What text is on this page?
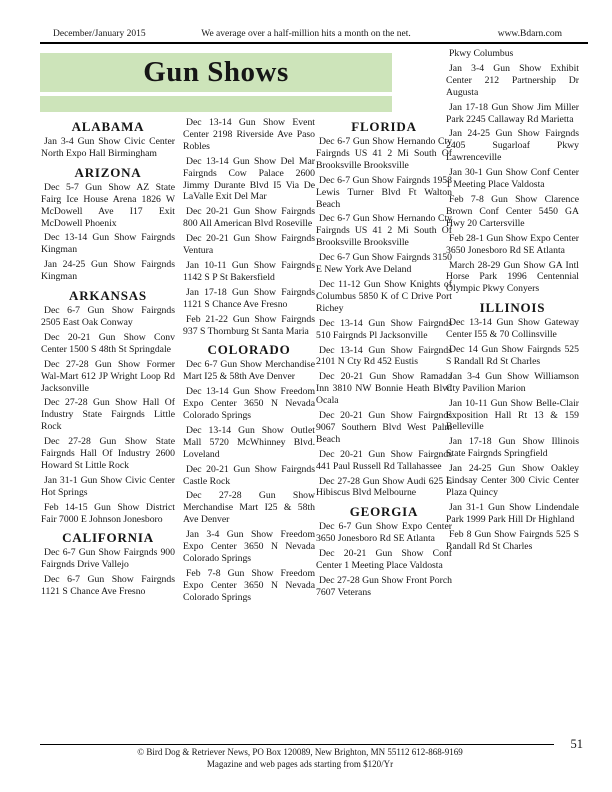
December/January 2015	We average over a half-million hits a month on the net.	www.Bdarn.com
Gun Shows
ALABAMA
Jan 3-4 Gun Show Civic Center North Expo Hall Birmingham
ARIZONA
Dec 5-7 Gun Show AZ State Fairg Ice House Arena 1826 W McDowell Ave I17 Exit McDowell Phoenix
Dec 13-14 Gun Show Fairgnds Kingman
Jan 24-25 Gun Show Fairgnds Kingman
ARKANSAS
Dec 6-7 Gun Show Fairgnds 2505 East Oak Conway
Dec 20-21 Gun Show Conv Center 1500 S 48th St Springdale
Dec 27-28 Gun Show Former Wal-Mart 612 JP Wright Loop Rd Jacksonville
Dec 27-28 Gun Show Hall Of Industry State Fairgnds Little Rock
Dec 27-28 Gun Show State Fairgnds Hall Of Industry 2600 Howard St Little Rock
Jan 31-1 Gun Show Civic Center Hot Springs
Feb 14-15 Gun Show District Fair 7000 E Johnson Jonesboro
CALIFORNIA
Dec 6-7 Gun Show Fairgnds 900 Fairgnds Drive Vallejo
Dec 6-7 Gun Show Fairgnds 1121 S Chance Ave Fresno
Dec 13-14 Gun Show Event Center 2198 Riverside Ave Paso Robles
Dec 13-14 Gun Show Del Mar Fairgnds Cow Palace 2600 Jimmy Durante Blvd I5 Via De LaValle Exit Del Mar
Dec 20-21 Gun Show Fairgnds 800 All American Blvd Roseville
Dec 20-21 Gun Show Fairgnds Ventura
Jan 10-11 Gun Show Fairgnds 1142 S P St Bakersfield
Jan 17-18 Gun Show Fairgnds 1121 S Chance Ave Fresno
Feb 21-22 Gun Show Fairgnds 937 S Thornburg St Santa Maria
COLORADO
Dec 6-7 Gun Show Merchandise Mart I25 & 58th Ave Denver
Dec 13-14 Gun Show Freedom Expo Center 3650 N Nevada Colorado Springs
Dec 13-14 Gun Show Outlet Mall 5720 McWhinney Blvd. Loveland
Dec 20-21 Gun Show Fairgnds Castle Rock
Dec 27-28 Gun Show Merchandise Mart I25 & 58th Ave Denver
Jan 3-4 Gun Show Freedom Expo Center 3650 N Nevada Colorado Springs
Feb 7-8 Gun Show Freedom Expo Center 3650 N Nevada Colorado Springs
FLORIDA
Dec 6-7 Gun Show Hernando Cty Fairgnds US 41 2 Mi South Of Brooksville Brooksville
Dec 6-7 Gun Show Fairgnds 1958 Lewis Turner Blvd Ft Walton Beach
Dec 6-7 Gun Show Hernando Cty Fairgnds US 41 2 Mi South Of Brooksville Brooksville
Dec 6-7 Gun Show Fairgnds 3150 E New York Ave Deland
Dec 11-12 Gun Show Knights of Columbus 5850 K of C Drive Port Richey
Dec 13-14 Gun Show Fairgnds 510 Fairgnds Pl Jacksonville
Dec 13-14 Gun Show Fairgnds 2101 N Cty Rd 452 Eustis
Dec 20-21 Gun Show Ramada Inn 3810 NW Bonnie Heath Blvd Ocala
Dec 20-21 Gun Show Fairgnds 9067 Southern Blvd West Palm Beach
Dec 20-21 Gun Show Fairgnds 441 Paul Russell Rd Tallahassee
Dec 27-28 Gun Show Audi 625 E Hibiscus Blvd Melbourne
GEORGIA
Dec 6-7 Gun Show Expo Center 3650 Jonesboro Rd SE Atlanta
Dec 20-21 Gun Show Conf Center 1 Meeting Place Valdosta
Dec 27-28 Gun Show Front Porch 7607 Veterans
Pkwy Columbus
Jan 3-4 Gun Show Exhibit Center 212 Partnership Dr Augusta
Jan 17-18 Gun Show Jim Miller Park 2245 Callaway Rd Marietta
Jan 24-25 Gun Show Fairgnds 2405 Sugarloaf Pkwy Lawrenceville
Jan 30-1 Gun Show Conf Center 1 Meeting Place Valdosta
Feb 7-8 Gun Show Clarence Brown Conf Center 5450 GA Hwy 20 Cartersville
Feb 28-1 Gun Show Expo Center 3650 Jonesboro Rd SE Atlanta
March 28-29 Gun Show GA Intl Horse Park 1996 Centennial Olympic Pkwy Conyers
ILLINOIS
Dec 13-14 Gun Show Gateway Center I55 & 70 Collinsville
Dec 14 Gun Show Fairgnds 525 S Randall Rd St Charles
Jan 3-4 Gun Show Williamson Cty Pavilion Marion
Jan 10-11 Gun Show Belle-Clair Exposition Hall Rt 13 & 159 Belleville
Jan 17-18 Gun Show Illinois State Fairgnds Springfield
Jan 24-25 Gun Show Oakley Lindsay Center 300 Civic Center Plaza Quincy
Jan 31-1 Gun Show Lindendale Park 1999 Park Hill Dr Highland
Feb 8 Gun Show Fairgnds 525 S Randall Rd St Charles
© Bird Dog & Retriever News, PO Box 120089, New Brighton, MN 55112 612-868-9169
Magazine and web pages ads starting from $120/Yr
51
